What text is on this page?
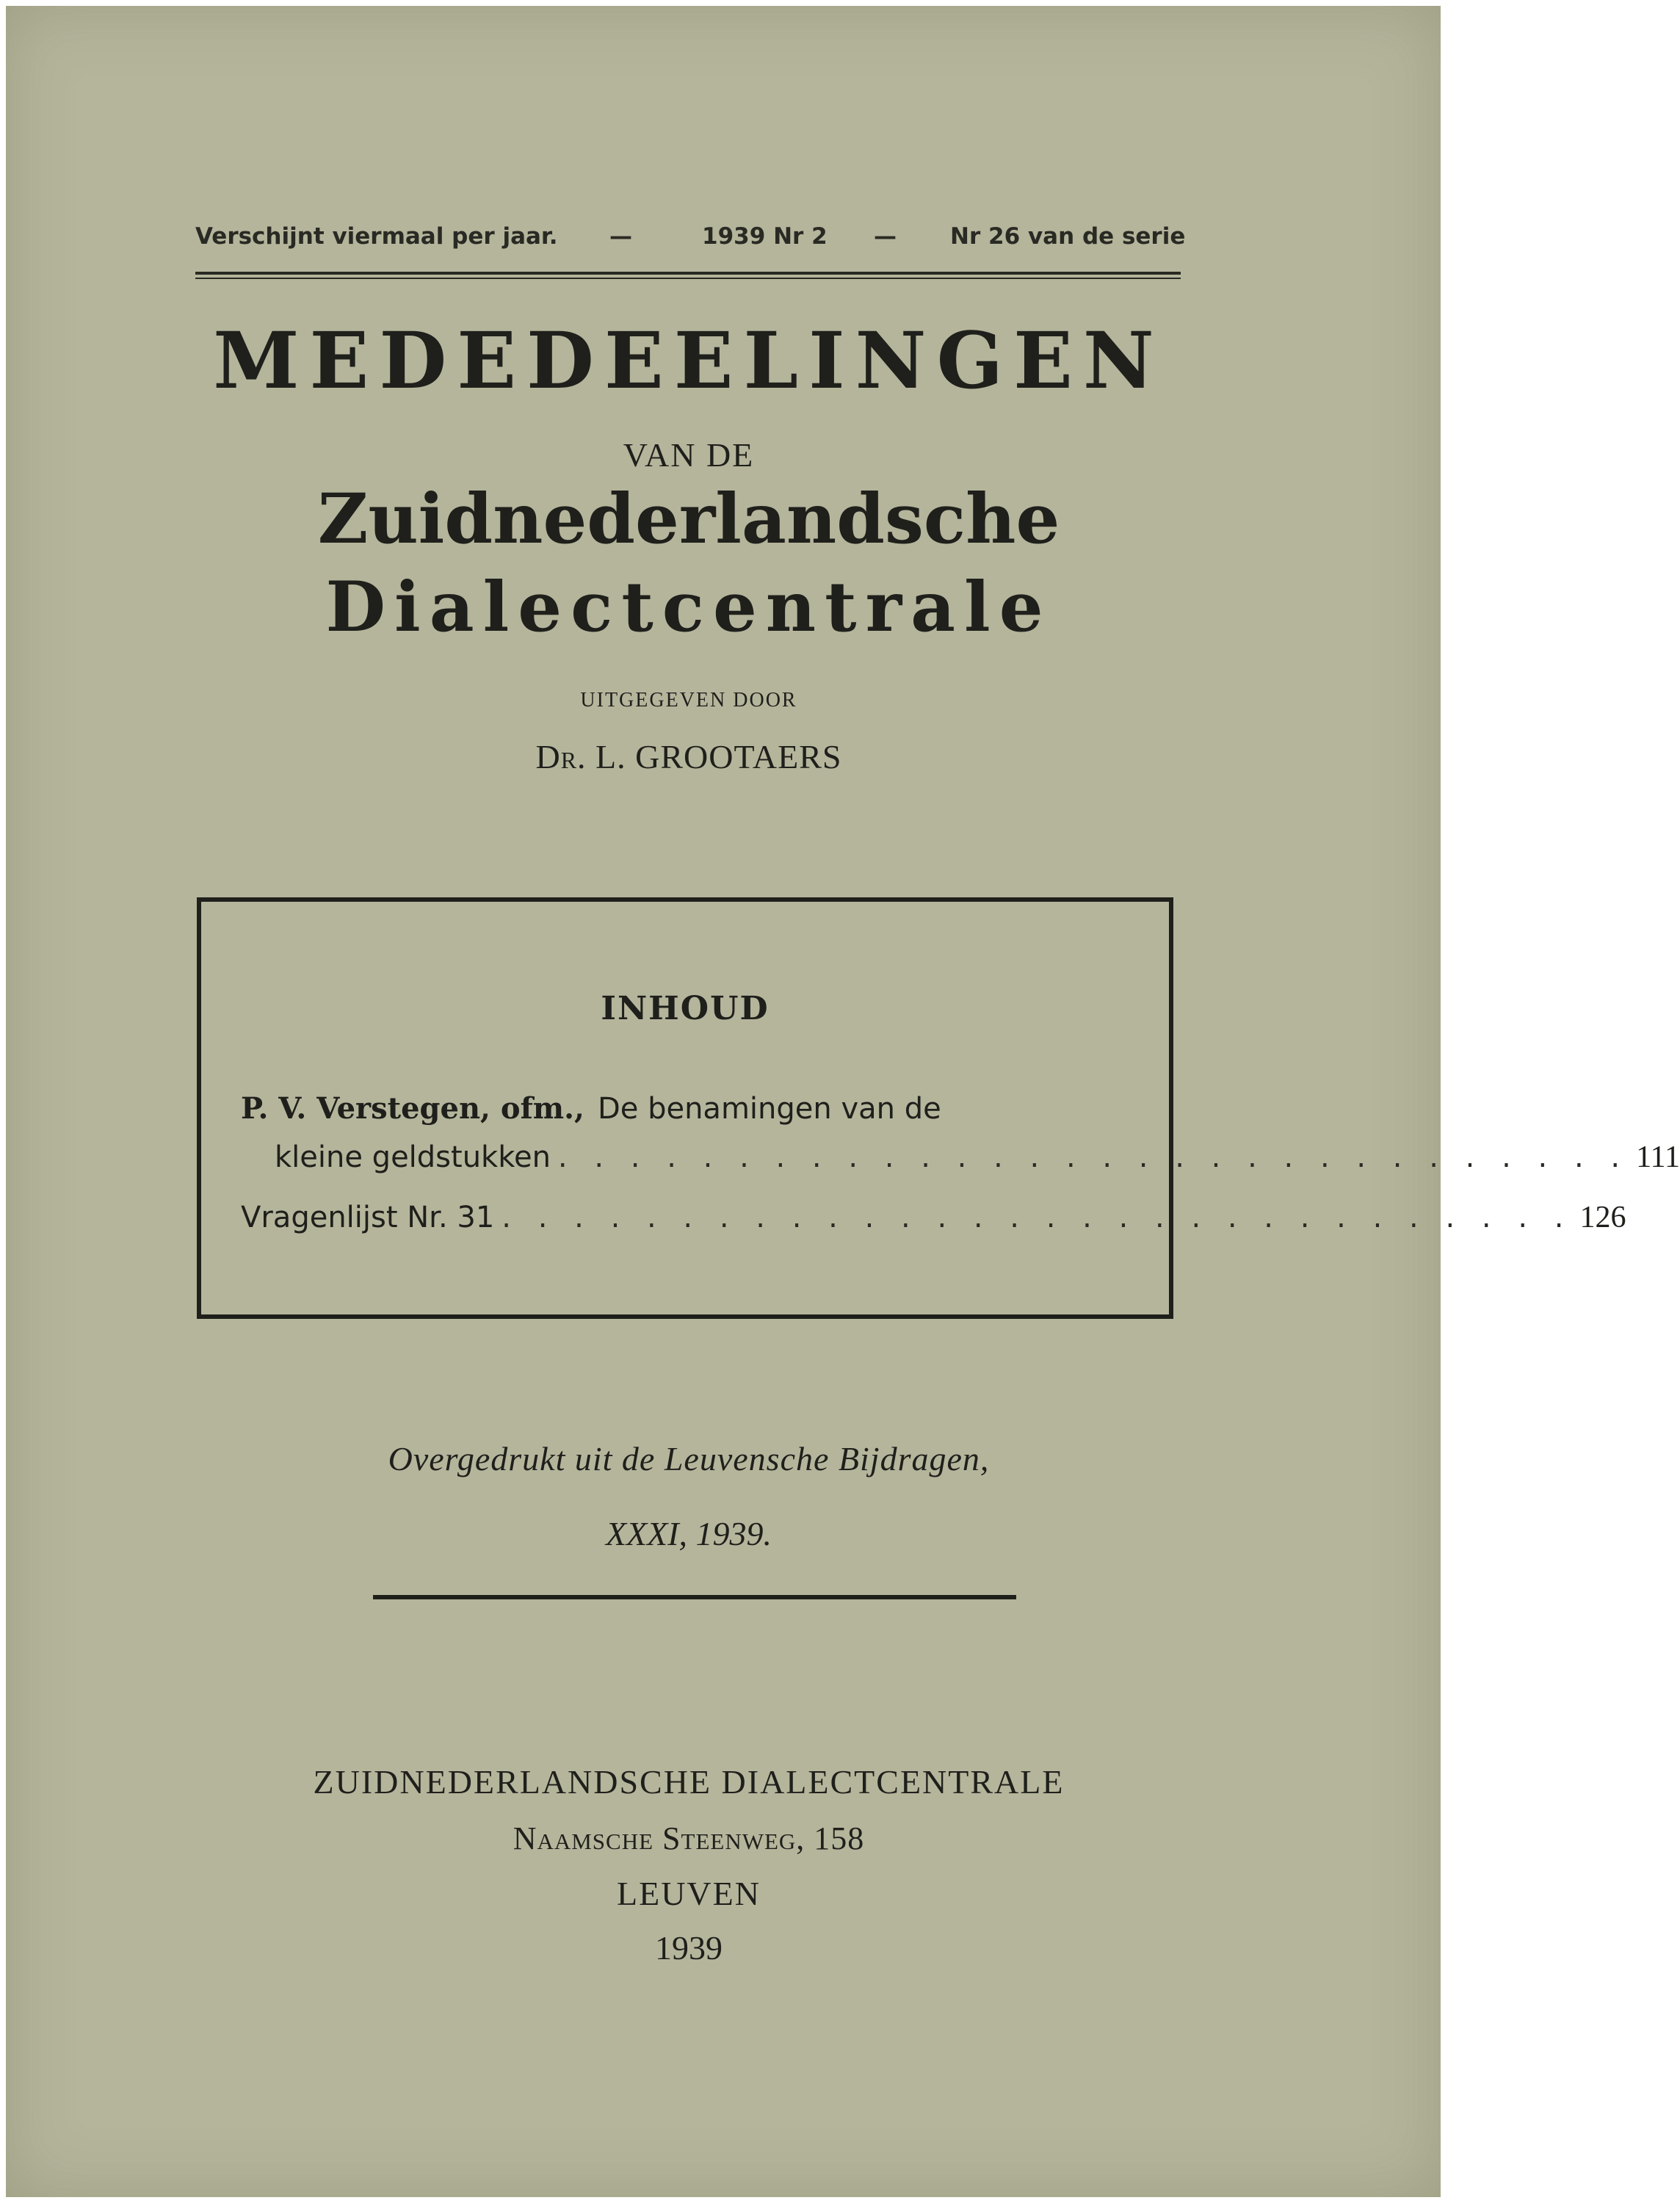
Verschijnt viermaal per jaar. —	1939 Nr 2 — Nr 26 van de serie
MEDEDEELINGEN
VAN DE
Zuidnederlandsche
Dialectcentrale
UITGEGEVEN DOOR
Dr. L. GROOTAERS
INHOUD
P. V. Verstegen, ofm., De benamingen van de
kleine geldstukken . . . . . . . . . . . . . . . . . . . . . . . . . . . . . . 111
Vragenlijst Nr. 31 . . . . . . . . . . . . . . . . . . . . . . . . . . . . . . 126
Overgedrukt uit de Leuvensche Bijdragen,
XXXI, 1939.
ZUIDNEDERLANDSCHE DIALECTCENTRALE
Naamsche Steenweg, 158
LEUVEN
1939
